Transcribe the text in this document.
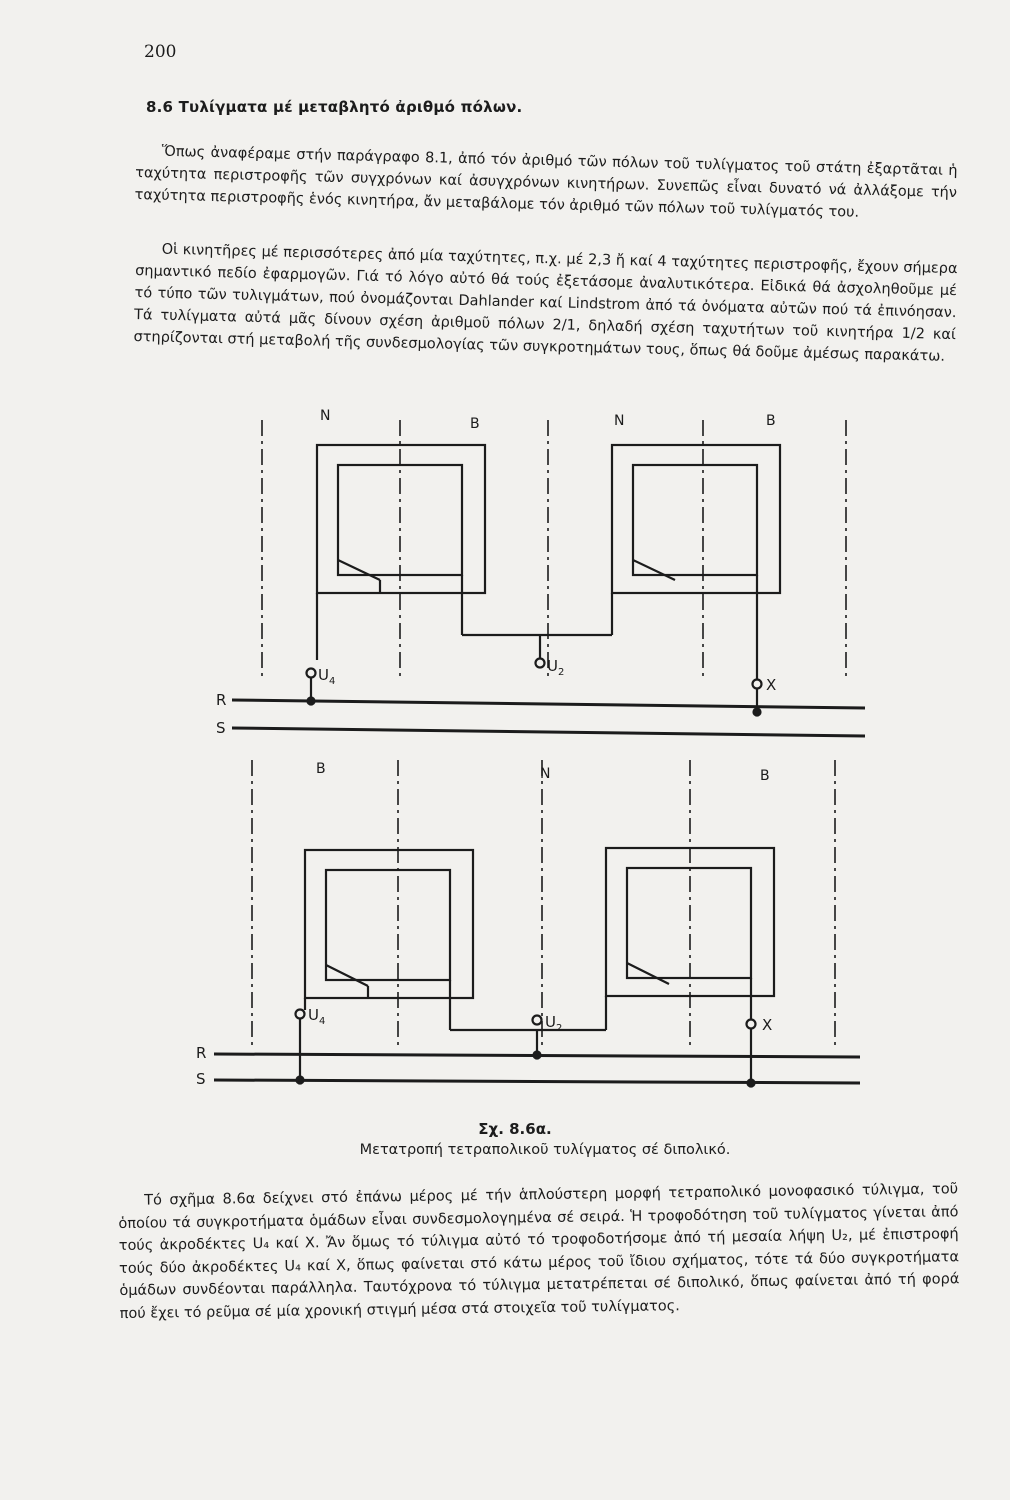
200
8.6 Τυλίγματα μέ μεταβλητό ἀριθμό πόλων.

Ὅπως ἀναφέραμε στήν παράγραφο 8.1, ἀπό τόν ἀριθμό τῶν πόλων τοῦ τυλίγματος τοῦ στάτη ἐξαρτᾶται ἡ ταχύτητα περιστροφῆς τῶν συγχρόνων καί ἀσυγχρόνων κινητήρων. Συνεπῶς εἶναι δυνατό νά ἀλλάξομε τήν ταχύτητα περιστροφῆς ἑνός κινητήρα, ἄν μεταβάλομε τόν ἀριθμό τῶν πόλων τοῦ τυλίγματός του.

Οἱ κινητῆρες μέ περισσότερες ἀπό μία ταχύτητες, π.χ. μέ 2,3 ἤ καί 4 ταχύτητες περιστροφῆς, ἔχουν σήμερα σημαντικό πεδίο ἐφαρμογῶν. Γιά τό λόγο αὐτό θά τούς ἐξετάσομε ἀναλυτικότερα. Εἰδικά θά ἀσχοληθοῦμε μέ τό τύπο τῶν τυλιγμάτων, πού ὀνομάζονται Dahlander καί Lindstrom ἀπό τά ὀνόματα αὐτῶν πού τά ἐπινόησαν. Τά τυλίγματα αὐτά μᾶς δίνουν σχέση ἀριθμοῦ πόλων 2/1, δηλαδή σχέση ταχυτήτων τοῦ κινητήρα 1/2 καί στηρίζονται στή μεταβολή τῆς συνδεσμολογίας τῶν συγκροτημάτων τους, ὅπως θά δοῦμε ἀμέσως παρακάτω.

N	B	N	B
$U_4$
$U_2$
X
R
S
B	N	B
$U_4$	$U_2$	X
R
S
Σχ. 8.6α.
Μετατροπή τετραπολικοῦ τυλίγματος σέ διπολικό.

Τό σχῆμα 8.6α δείχνει στό ἐπάνω μέρος μέ τήν ἁπλούστερη μορφή τετραπολικό μονοφασικό τύλιγμα, τοῦ ὁποίου τά συγκροτήματα ὁμάδων εἶναι συνδεσμολογημένα σέ σειρά. Ἡ τροφοδότηση τοῦ τυλίγματος γίνεται ἀπό τούς ἀκροδέκτες U₄ καί X. Ἄν ὅμως τό τύλιγμα αὐτό τό τροφοδοτήσομε ἀπό τή μεσαία λήψη U₂, μέ ἐπιστροφή τούς δύο ἀκροδέκτες U₄ καί X, ὅπως φαίνεται στό κάτω μέρος τοῦ ἴδιου σχήματος, τότε τά δύο συγκροτήματα ὁμάδων συνδέονται παράλληλα. Ταυτόχρονα τό τύλιγμα μετατρέπεται σέ διπολικό, ὅπως φαίνεται ἀπό τή φορά πού ἔχει τό ρεῦμα σέ μία χρονική στιγμή μέσα στά στοιχεῖα τοῦ τυλίγματος.
